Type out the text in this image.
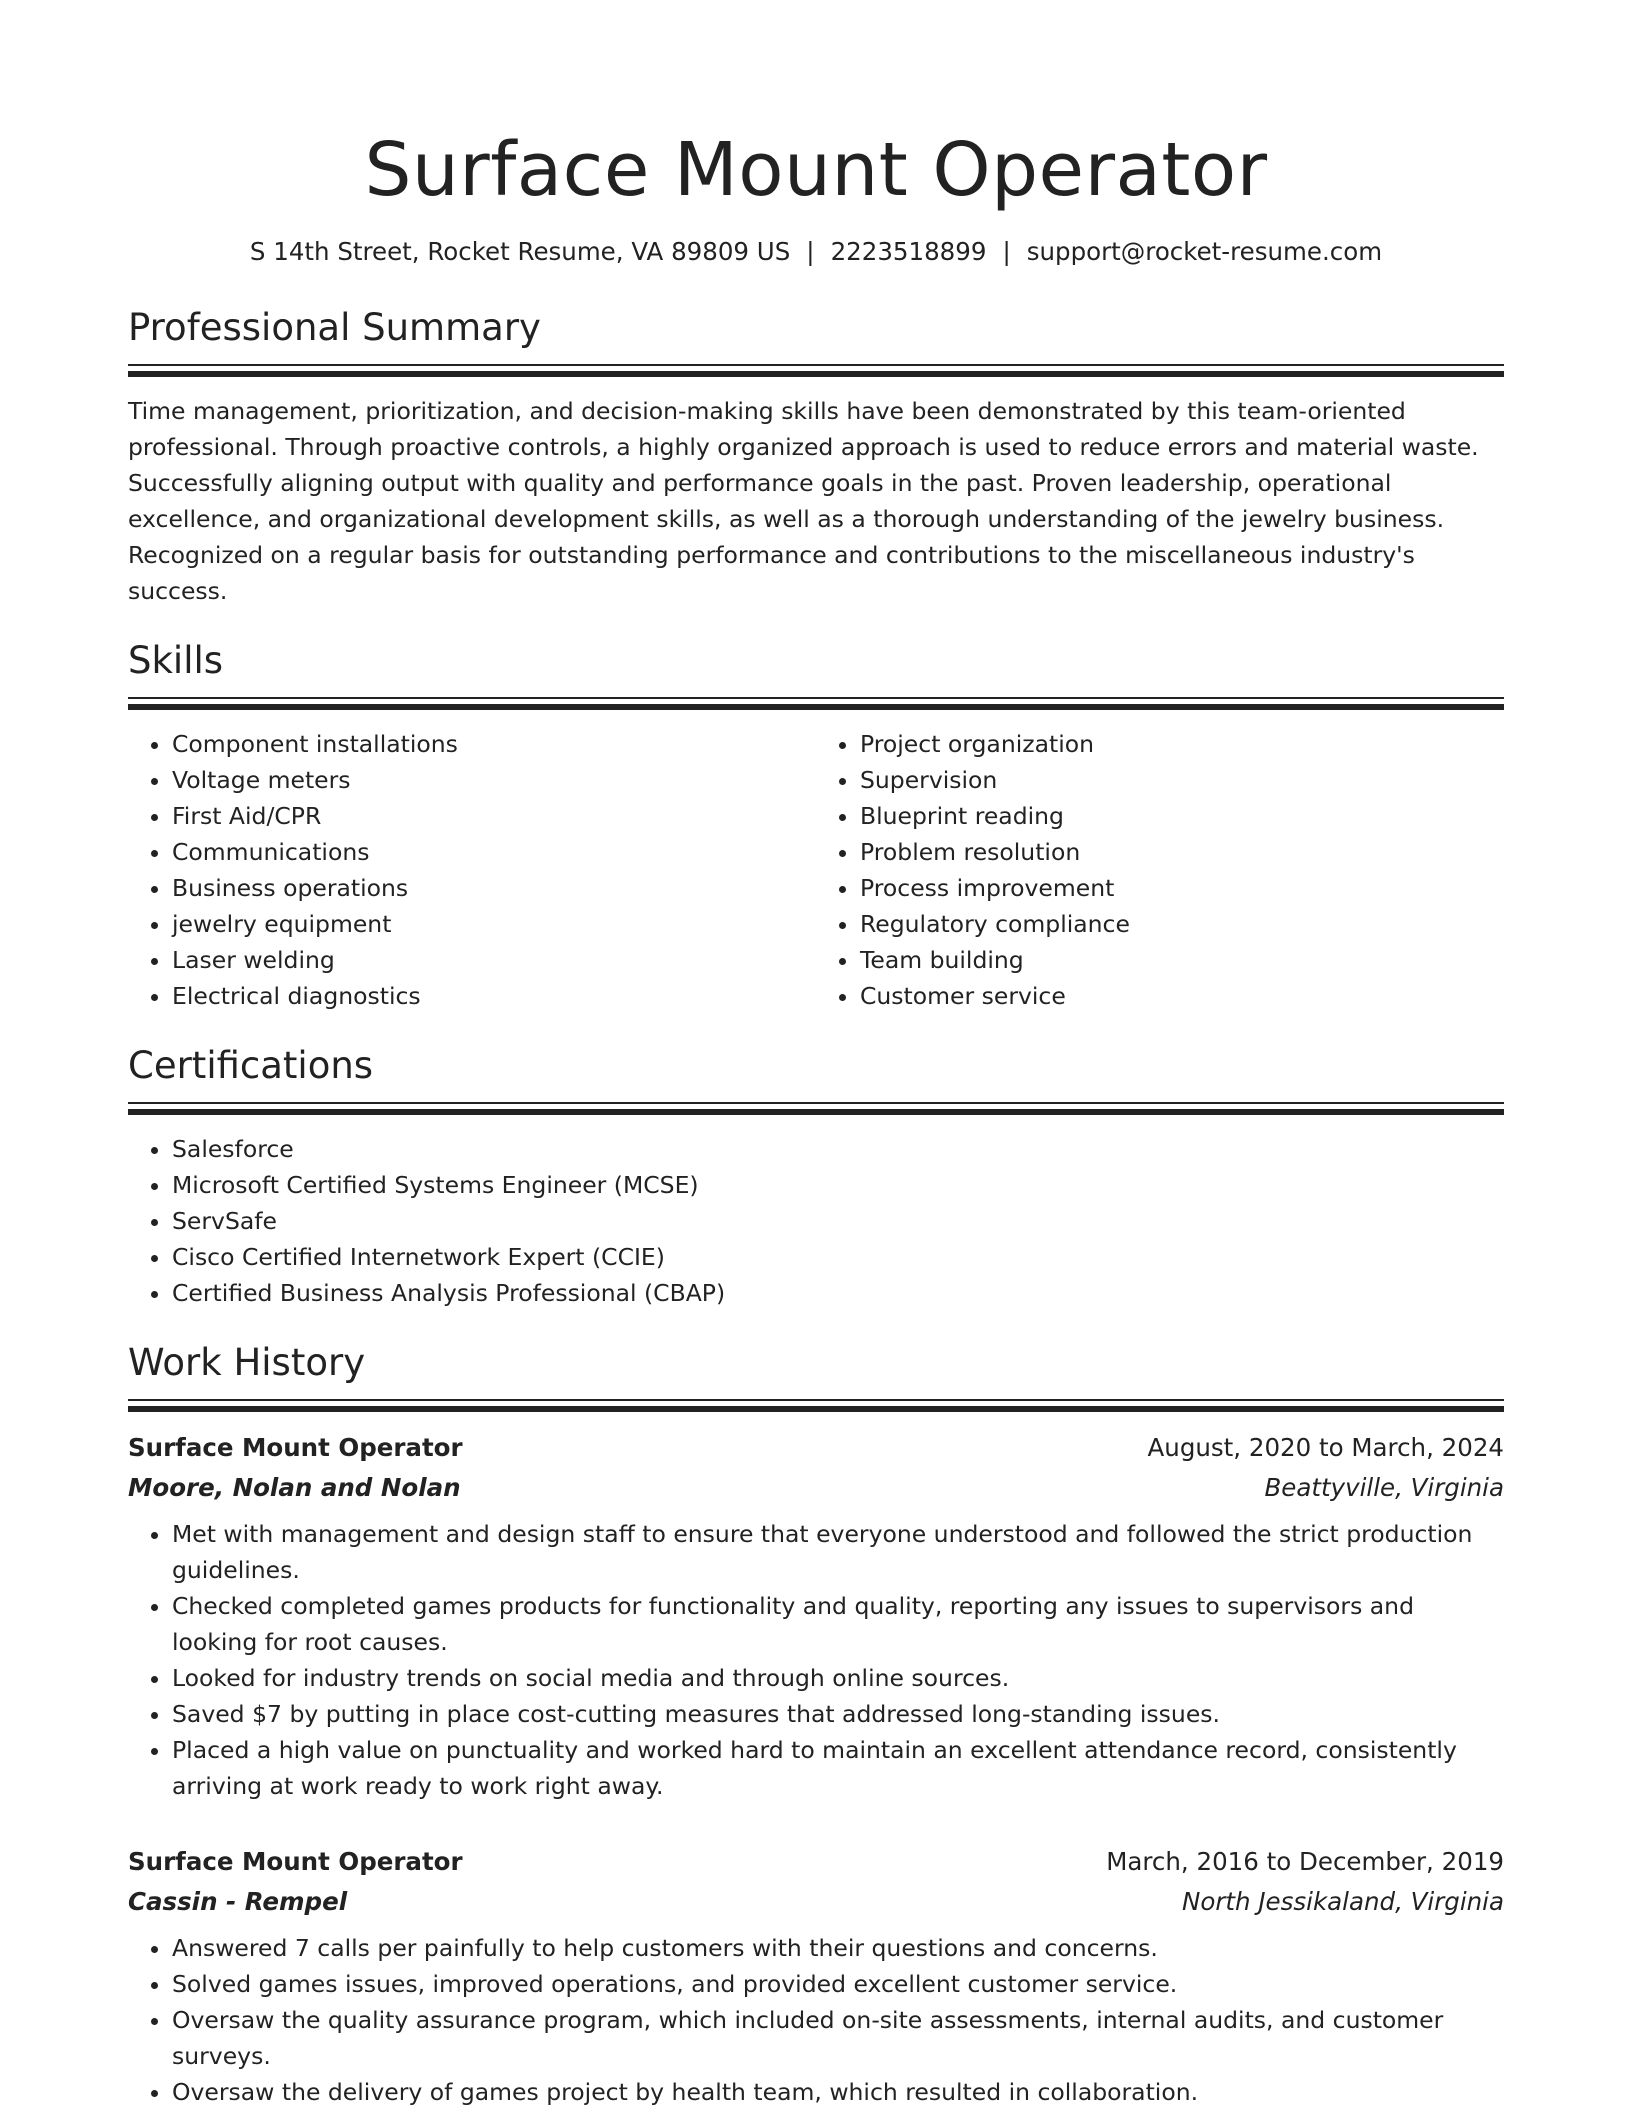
Surface Mount Operator
S 14th Street, Rocket Resume, VA 89809 US | 2223518899 | support@rocket-resume.com
Professional Summary

Time management, prioritization, and decision-making skills have been demonstrated by this team-oriented professional. Through proactive controls, a highly organized approach is used to reduce errors and material waste. Successfully aligning output with quality and performance goals in the past. Proven leadership, operational excellence, and organizational development skills, as well as a thorough understanding of the jewelry business. Recognized on a regular basis for outstanding performance and contributions to the miscellaneous industry's success.

Skills
• Component installations
• Voltage meters
• First Aid/CPR
• Communications
• Business operations
• jewelry equipment
• Laser welding
• Electrical diagnostics
• Project organization
• Supervision
• Blueprint reading
• Problem resolution
• Process improvement
• Regulatory compliance
• Team building
• Customer service
Certifications
• Salesforce
• Microsoft Certified Systems Engineer (MCSE)
• ServSafe
• Cisco Certified Internetwork Expert (CCIE)
• Certified Business Analysis Professional (CBAP)
Work History
Surface Mount Operator	August, 2020 to March, 2024
Moore, Nolan and Nolan	Beattyville, Virginia
• Met with management and design staff to ensure that everyone understood and followed the strict production guidelines.
• Checked completed games products for functionality and quality, reporting any issues to supervisors and looking for root causes.
• Looked for industry trends on social media and through online sources.
• Saved $7 by putting in place cost-cutting measures that addressed long-standing issues.
• Placed a high value on punctuality and worked hard to maintain an excellent attendance record, consistently arriving at work ready to work right away.
Surface Mount Operator	March, 2016 to December, 2019
Cassin - Rempel	North Jessikaland, Virginia
• Answered 7 calls per painfully to help customers with their questions and concerns.
• Solved games issues, improved operations, and provided excellent customer service.
• Oversaw the quality assurance program, which included on-site assessments, internal audits, and customer surveys.
• Oversaw the delivery of games project by health team, which resulted in collaboration.
